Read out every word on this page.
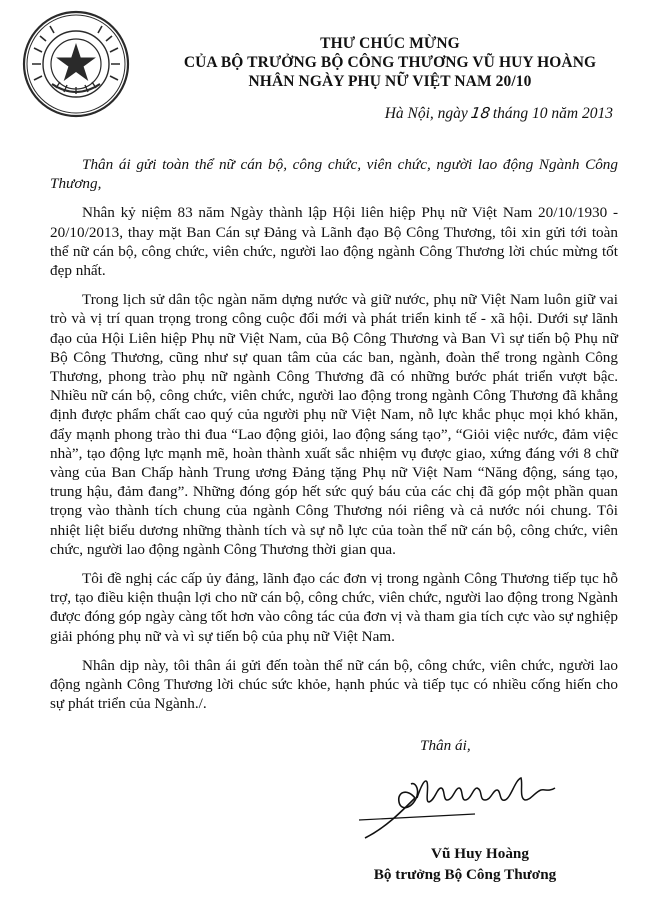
THƯ CHÚC MỪNG
CỦA BỘ TRƯỞNG BỘ CÔNG THƯƠNG VŨ HUY HOÀNG
NHÂN NGÀY PHỤ NỮ VIỆT NAM 20/10
Hà Nội, ngày 18 tháng 10 năm 2013

Thân ái gửi toàn thể nữ cán bộ, công chức, viên chức, người lao động Ngành Công Thương,

Nhân kỷ niệm 83 năm Ngày thành lập Hội liên hiệp Phụ nữ Việt Nam 20/10/1930 - 20/10/2013, thay mặt Ban Cán sự Đảng và Lãnh đạo Bộ Công Thương, tôi xin gửi tới toàn thể nữ cán bộ, công chức, viên chức, người lao động ngành Công Thương lời chúc mừng tốt đẹp nhất.

Trong lịch sử dân tộc ngàn năm dựng nước và giữ nước, phụ nữ Việt Nam luôn giữ vai trò và vị trí quan trọng trong công cuộc đổi mới và phát triển kinh tế - xã hội. Dưới sự lãnh đạo của Hội Liên hiệp Phụ nữ Việt Nam, của Bộ Công Thương và Ban Vì sự tiến bộ Phụ nữ Bộ Công Thương, cũng như sự quan tâm của các ban, ngành, đoàn thể trong ngành Công Thương, phong trào phụ nữ ngành Công Thương đã có những bước phát triển vượt bậc. Nhiều nữ cán bộ, công chức, viên chức, người lao động trong ngành Công Thương đã khẳng định được phẩm chất cao quý của người phụ nữ Việt Nam, nỗ lực khắc phục mọi khó khăn, đẩy mạnh phong trào thi đua “Lao động giỏi, lao động sáng tạo”, “Giỏi việc nước, đảm việc nhà”, tạo động lực mạnh mẽ, hoàn thành xuất sắc nhiệm vụ được giao, xứng đáng với 8 chữ vàng của Ban Chấp hành Trung ương Đảng tặng Phụ nữ Việt Nam “Năng động, sáng tạo, trung hậu, đảm đang”. Những đóng góp hết sức quý báu của các chị đã góp một phần quan trọng vào thành tích chung của ngành Công Thương nói riêng và cả nước nói chung. Tôi nhiệt liệt biểu dương những thành tích và sự nỗ lực của toàn thể nữ cán bộ, công chức, viên chức, người lao động ngành Công Thương thời gian qua.

Tôi đề nghị các cấp ủy đảng, lãnh đạo các đơn vị trong ngành Công Thương tiếp tục hỗ trợ, tạo điều kiện thuận lợi cho nữ cán bộ, công chức, viên chức, người lao động trong Ngành được đóng góp ngày càng tốt hơn vào công tác của đơn vị và tham gia tích cực vào sự nghiệp giải phóng phụ nữ và vì sự tiến bộ của phụ nữ Việt Nam.

Nhân dịp này, tôi thân ái gửi đến toàn thể nữ cán bộ, công chức, viên chức, người lao động ngành Công Thương lời chúc sức khỏe, hạnh phúc và tiếp tục có nhiều cống hiến cho sự phát triển của Ngành./.

Thân ái,
Vũ Huy Hoàng
Bộ trưởng Bộ Công Thương
